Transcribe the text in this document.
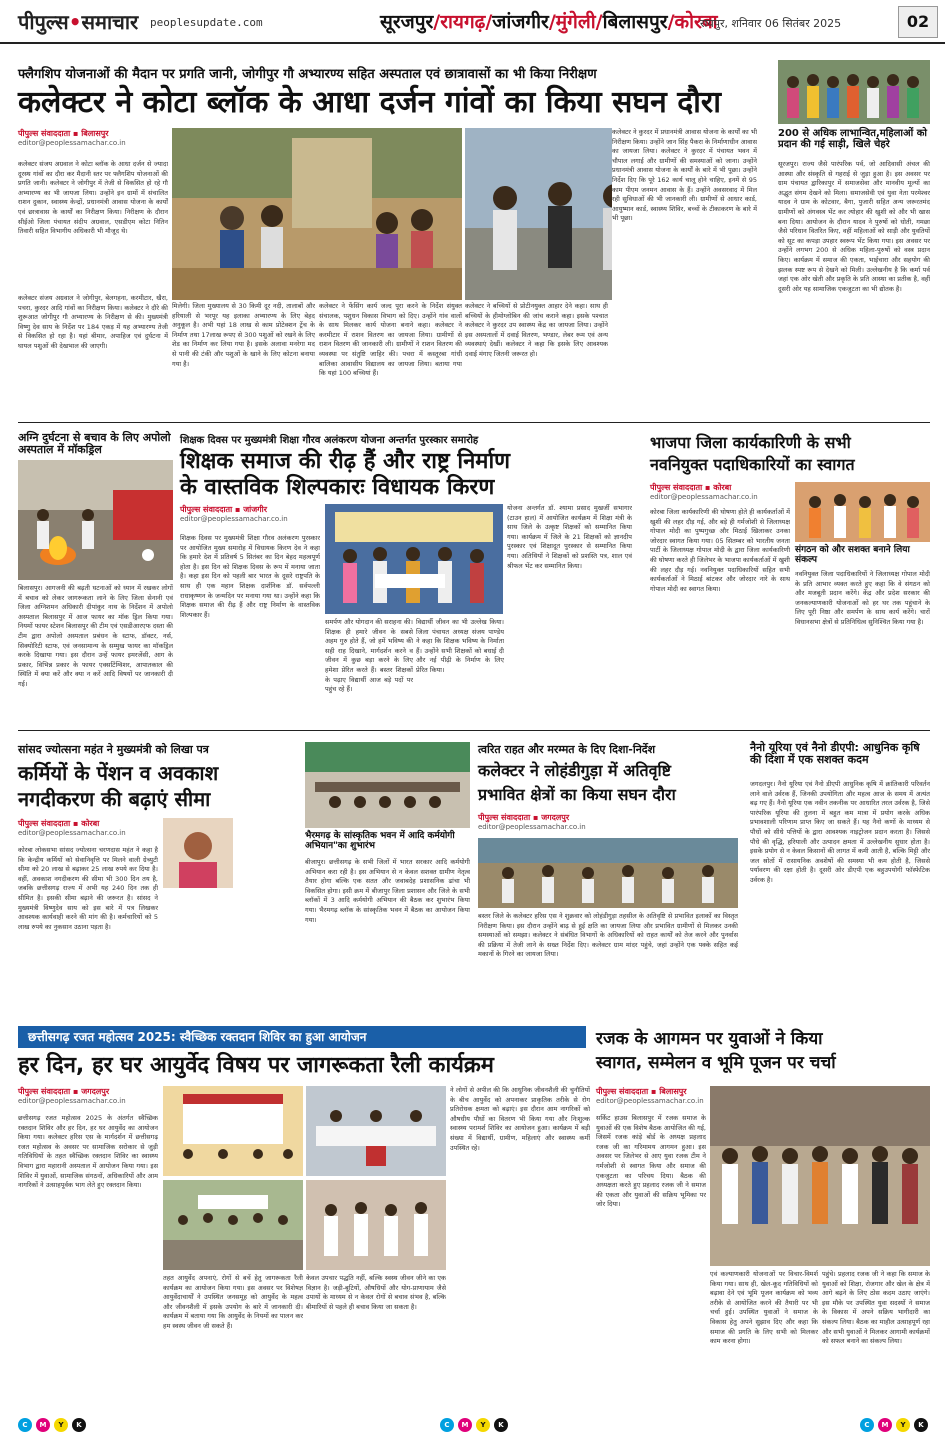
पीपुल्स•समाचार peoplesupdate.com	सूरजपुर/रायगढ़/जांजगीर/मुंगेली/बिलासपुर/कोरबा
रायपुर, शनिवार 06 सितंबर 2025	02
फ्लैगशिप योजनाओं की मैदान पर प्रगति जानी, जोगीपुर गौ अभ्यारण्य सहित अस्पताल एवं छात्रावासों का भी किया निरीक्षण
कलेक्टर ने कोटा ब्लॉक के आधा दर्जन गांवों का किया सघन दौरा
पीपुल्स संवाददाता ▪ बिलासपुर
editor@peoplessamachar.co.in
कलेक्टर संजय अग्रवाल ने कोटा ब्लॉक के आधा दर्जन से ज्यादा दूरस्थ गांवों का दौरा कर मैदानी स्तर पर फ्लैगशिप योजनाओं की प्रगति जानी। कलेक्टर ने जोगीपुर में तेजी से विकसित हो रहे गौ अभ्यारण्य का भी जायजा लिया। उन्होंने इन ग्रामों में संचालित राशन दुकान, स्वास्थ्य केन्द्रों, प्रधानमंत्री आवास योजना के कार्यों एवं छात्रावास के कार्यों का निरीक्षण किया। निरीक्षण के दौरान सीईओ जिला पंचायत संदीप अग्रवाल, एसडीएम कोटा नितिन तिवारी सहित विभागीय अधिकारी भी मौजूद थे।
कलेक्टर संजय अग्रवाल ने जोगीपुर, बेलगहना, करमीटार, खैरा, पचरा, कुरदर आदि गांवों का निरीक्षण किया। कलेक्टर ने दौरे की शुरूआत जोगीपुर गौ अभ्यारण्य के निरीक्षण से की। मुख्यमंत्री विष्णु देव साय के निर्देश पर 184 एकड़ में यह अभ्यारण्य तेजी से विकसित हो रहा है। यहां बीमार, अपाहिज एवं दुर्घटना में घायल पशुओं की देखभाल की जाएगी।
मिलेगी। जिला मुख्यालय से 30 किमी दूर नदी, तालाबों और हरियाली से भरपूर यह इलाका अभ्यारण्य के लिए बेहद अनुकूल है। अभी यहां 18 लाख से काम प्रोटेक्शन ट्रेंच के निर्माण तथा 17लाख रूपए से 300 पशुओं को रखने के लिए शेड का निर्माण कर लिया गया है। इसके अलावा मनरेगा मद से पानी की टंकी और पशुओं के खाने के लिए कोटना बनाया गया है।
कलेक्टर ने फेंसिंग कार्य जल्द पूरा करने के निर्देश संयुक्त संचालक, पशुधन विकास विभाग को दिए। उन्होंने गांव वालों के साथ मिलकर कार्य योजना बनाने कहा। कलेक्टर ने करमीटार में राशन वितरण का जायजा लिया। ग्रामीणों से राशन वितरण की जानकारी ली। ग्रामीणों ने राशन वितरण की व्यवस्था पर संतुष्टि जाहिर की। पचरा में कस्तूरबा गांधी बालिका आवासीय विद्यालय का जायजा लिया। बताया गया कि यहां 100 बच्चियां हैं।
कलेक्टर ने बच्चियों से प्रोटीनयुक्त आहार देने कहा। साथ ही बच्चियों के हीमोग्लोबिन की जांच कराने कहा। इसके पश्चात कलेक्टर ने कुरदर उप स्वास्थ्य केंद्र का जायजा लिया। उन्होंने इस अस्पतालों में दवाई वितरण, भण्डार, लेबर रूम एवं अन्य व्यवस्थाएं देखीं। कलेक्टर ने कहा कि इसके लिए आवश्यक दवाई मंगाए जितनी जरूरत हो।
कलेक्टर ने कुरदर में प्रधानमंत्री आवास योजना के कार्यों का भी निरीक्षण किया। उन्होंने जान सिंह पैकरा के निर्माणाधीन आवास का जायजा लिया। कलेक्टर ने कुरदर में पंचायत भवन में चौपाल लगाई और ग्रामीणों की समस्याओं को जाना। उन्होंने प्रधानमंत्री आवास योजना के कार्यों के बारे में भी पूछा। उन्होंने निर्देश दिए कि पूरे 162 कार्य चालू होने चाहिए, इनमें से 95 काम पीएम जनमन आवास के हैं। उन्होंने अवसरवाद में मिल रही सुविधाओं की भी जानकारी ली। ग्रामीणों से आधार कार्ड, आयुष्मान कार्ड, स्वास्थ्य शिविर, बच्चों के टीकाकरण के बारे में भी पूछा।
200 से अधिक लाभान्वित,महिलाओं को प्रदान की गई साड़ी, खिले चेहरे
सूरजपुर। राज्य जैसे पारंपरिक पर्व, जो आदिवासी अंचल की आस्था और संस्कृति से गहराई से जुड़ा हुआ है। इस अवसर पर ग्राम पंचायत द्वारिकापुर में समाजसेवा और मानवीय मूल्यों का अद्भुत संगम देखने को मिला। समाजसेवी एवं युवा नेता परमेश्वर यादव ने ग्राम के कोटवार, बैगा, पुजारी सहित अन्य जरूरतमंद ग्रामीणों को अंगवस्त्र भेंट कर त्योहार की खुशी को और भी खास बना दिया। आयोजन के दौरान यादव ने पुरुषों को धोती, गमछा जैसे परिधान वितरित किए, वहीं महिलाओं को साड़ी और युवतियों को सूट का कपड़ा उपहार स्वरूप भेंट किया गया। इस अवसर पर उन्होंने लगभग 200 से अधिक महिला-पुरुषों को वस्त्र प्रदान किए। कार्यक्रम में समाज की एकता, भाईचारा और सहयोग की झलक स्पष्ट रूप से देखने को मिली। उल्लेखनीय है कि कर्मा पर्व जहां एक ओर खेती और प्रकृति के प्रति आस्था का प्रतीक है, वहीं दूसरी ओर यह सामाजिक एकजुटता का भी द्योतक है।
अग्नि दुर्घटना से बचाव के लिए अपोलो अस्पताल में मॉकड्रिल
बिलासपुर। आगजनी की बढ़ती घटनाओं को ध्यान में रखकर लोगों में बचाव को लेकर जागरूकता लाने के लिए जिला सेनानी एवं जिला अग्निशमन अधिकारी दीपांकुर नाथ के निर्देशन में अपोलो अस्पताल बिलासपुर में आज फायर का मॉक ड्रिल किया गया। नियमों फायर स्टेशन बिलासपुर की टीम एवं एसडीआरएफ दस्ता की टीम द्वारा अपोलो अस्पताल प्रबंधन के स्टाफ, डॉक्टर, नर्स, सिक्योरिटी स्टाफ, एवं जनसामान्य के सम्मुख फायर का मॉकड्रिल करके दिखाया गया। इस दौरान उन्हें फायर इमरजेंसी, आग के प्रकार, विभिन्न प्रकार के फायर एक्सटिंग्विशर, आपातकाल की स्थिति में क्या करें और क्या न करें आदि विषयों पर जानकारी दी गई।
शिक्षक दिवस पर मुख्यमंत्री शिक्षा गौरव अलंकरण योजना अन्तर्गत पुरस्कार समारोह
शिक्षक समाज की रीढ़ हैं और राष्ट्र निर्माण
के वास्तविक शिल्पकारः विधायक किरण
पीपुल्स संवाददाता ▪ जांजगीर
editor@peoplessamachar.co.in
शिक्षक दिवस पर मुख्यमंत्री शिक्षा गौरव अलंकरण पुरस्कार पर आयोजित मुख्य समारोह में विधायक किरण देव ने कहा कि हमारे देश में प्रतिवर्ष 5 सितंबर का दिन बेहद महत्वपूर्ण होता है। इस दिन को शिक्षक दिवस के रूप में मनाया जाता है। कहा इस दिन को पहली बार भारत के दूसरे राष्ट्रपति के साथ ही एक महान शिक्षक दार्शनिक डॉ. सर्वपल्ली राधाकृष्णन के जन्मदिन पर मनाया गया था। उन्होंने कहा कि शिक्षक समाज की रीढ़ हैं और राष्ट्र निर्माण के वास्तविक शिल्पकार हैं।
समर्पण और योगदान की सराहना की। शिक्षक ही हमारे जीवन के सबसे अहम गुरु होते हैं, जो हमें भविष्य की सही राह दिखाने, मार्गदर्शन करने व जीवन में कुछ बड़ा करने के लिए हमेशा प्रेरित करते हैं। बस्तर शिक्षकों के पढ़ाए विद्यार्थी आज बड़े पदों पर पहुंच रहे हैं।
विद्यार्थी जीवन का भी उल्लेख किया। जिला पंचायत अध्यक्ष संजय पाण्डेय ने कहा कि शिक्षक भविष्य के निर्माता हैं। उन्होंने सभी शिक्षकों को बधाई दी और नई पीढ़ी के निर्माण के लिए प्रेरित किया।
योजना अन्तर्गत डॉ. श्यामा प्रसाद मुखर्जी सभागार (टाउन हाल) में आयोजित कार्यक्रम में शिक्षा मंत्री के साथ जिले के उत्कृष्ट शिक्षकों को सम्मानित किया गया। कार्यक्रम में जिले के 21 शिक्षकों को ज्ञानदीप पुरस्कार एवं शिक्षादूत पुरस्कार से सम्मानित किया गया। अतिथियों ने शिक्षकों को प्रशस्ति पत्र, शाल एवं श्रीफल भेंट कर सम्मानित किया।
भाजपा जिला कार्यकारिणी के सभी
नवनियुक्त पदाधिकारियों का स्वागत
पीपुल्स संवाददाता ▪ कोरबा
editor@peoplessamachar.co.in
कोरबा जिला कार्यकारिणी की घोषणा होते ही कार्यकर्ताओं में खुशी की लहर दौड़ गई, और बड़े ही गर्मजोशी से जिलाध्यक्ष गोपाल मोदी का पुष्पगुच्छ और मिठाई खिलाकर उनका जोरदार स्वागत किया गया। 05 सितम्बर को भारतीय जनता पार्टी के जिलाध्यक्ष गोपाल मोदी के द्वारा जिला कार्यकारिणी की घोषणा करते ही जिलेभर के भाजपा कार्यकर्ताओं में खुशी की लहर दौड़ गई। नवनियुक्त पदाधिकारियों सहित सभी कार्यकर्ताओं ने मिठाई बांटकर और जोरदार नारे के साथ गोपाल मोदी का स्वागत किया।
संगठन को और सशक्त बनाने लिया संकल्प
नवनियुक्त जिला पदाधिकारियों ने जिलाध्यक्ष गोपाल मोदी के प्रति आभार व्यक्त करते हुए कहा कि वे संगठन को और मजबूती प्रदान करेंगे। केंद्र और प्रदेश सरकार की जनकल्याणकारी योजनाओं को हर घर तक पहुंचाने के लिए पूरी निष्ठा और समर्पण के साथ कार्य करेंगे। चारों विधानसभा क्षेत्रों से प्रतिनिधित्व सुनिश्चित किया गया है।
सांसद ज्योत्सना महंत ने मुख्यमंत्री को लिखा पत्र
कर्मियों के पेंशन व अवकाश
नगदीकरण की बढ़ाएं सीमा
पीपुल्स संवाददाता ▪ कोरबा
editor@peoplessamachar.co.in
कोरबा लोकसभा सांसद ज्योत्सना चरणदास महंत ने कहा है कि केन्द्रीय कर्मियों को सेवानिवृत्ति पर मिलने वाली ग्रेच्युटी सीमा को 20 लाख से बढ़ाकर 25 लाख रुपये कर दिया है। वहीं, अवकाश नगदीकरण की सीमा भी 300 दिन तय है, जबकि छत्तीसगढ़ राज्य में अभी यह 240 दिन तक ही सीमित है। इसकी सीमा बढ़ाने की जरूरत है। सांसद ने मुख्यमंत्री विष्णुदेव साय को इस बारे में पत्र लिखकर आवश्यक कार्यवाही करने की मांग की है। कर्मचारियों को 5 लाख रुपये का नुकसान उठाना पड़ता है।
भैरमगढ़ के सांस्कृतिक भवन में आदि कर्मयोगी अभियान"का शुभारंभ
बीजापुर। छत्तीसगढ़ के सभी जिलों में भारत सरकार आदि कर्मयोगी अभियान करा रही है। इस अभियान से न केवल सशक्त ग्रामीण नेतृत्व तैयार होगा बल्कि एक सतत और जवाबदेह प्रशासनिक ढांचा भी विकसित होगा। इसी क्रम में बीजापुर जिला प्रशासन और जिले के सभी ब्लॉकों में 3 आदि कर्मयोगी अभियान की बैठक कर शुभारंभ किया गया। भैरमगढ़ ब्लॉक के सांस्कृतिक भवन में बैठक का आयोजन किया गया।
त्वरित राहत और मरम्मत के दिए दिशा-निर्देश
कलेक्टर ने लोहंडीगुड़ा में अतिवृष्टि
प्रभावित क्षेत्रों का किया सघन दौरा
पीपुल्स संवाददाता ▪ जगदलपुर
editor@peoplessamachar.co.in
बस्तर जिले के कलेक्टर हरिस एस ने शुक्रवार को लोहंडीगुड़ा तहसील के अतिवृष्टि से प्रभावित इलाकों का विस्तृत निरीक्षण किया। इस दौरान उन्होंने बाढ़ से हुई क्षति का जायजा लिया और प्रभावित ग्रामीणों से मिलकर उनकी समस्याओं को समझा। कलेक्टर ने संबंधित विभागों के अधिकारियों को राहत कार्यों को तेज करने और पुनर्वास की प्रक्रिया में तेजी लाने के सख्त निर्देश दिए। कलेक्टर ग्राम मांदर पहुंचे, जहां उन्होंने एक पक्के सहित कई मकानों के गिरने का जायजा लिया।
नैनो यूरिया एवं नैनो डीएपी: आधुनिक कृषि की दिशा में एक सशक्त कदम
जगदलपुर। नैनो यूरिया एवं नैनो डीएपी आधुनिक कृषि में क्रांतिकारी परिवर्तन लाने वाले उर्वरक हैं, जिनकी उपयोगिता और महत्व आज के समय में अत्यंत बढ़ गए हैं। नैनो यूरिया एक नवीन तकनीक पर आधारित तरल उर्वरक है, जिसे पारंपरिक यूरिया की तुलना में बहुत कम मात्रा में प्रयोग करके अधिक प्रभावशाली परिणाम प्राप्त किए जा सकते हैं। यह नैनो कणों के माध्यम से पौधों को सीधे पत्तियों के द्वारा आवश्यक नाइट्रोजन प्रदान करता है। जिससे पौधे की वृद्धि, हरियाली और उत्पादन क्षमता में उल्लेखनीय सुधार होता है। इसके प्रयोग से न केवल किसानों की लागत में कमी आती है, बल्कि मिट्टी और जल स्रोतों में रासायनिक अवशेषों की समस्या भी कम होती है, जिससे पर्यावरण की रक्षा होती है। दूसरी ओर डीएपी एक बहुउपयोगी फॉस्फेटिक उर्वरक है।
छत्तीसगढ़ रजत महोत्सव 2025: स्वैच्छिक रक्तदान शिविर का हुआ आयोजन
हर दिन, हर घर आयुर्वेद विषय पर जागरूकता रैली कार्यक्रम
पीपुल्स संवाददाता ▪ जगदलपुर
editor@peoplessamachar.co.in
छत्तीसगढ़ रजत महोत्सव 2025 के अंतर्गत स्वैच्छिक रक्तदान शिविर और हर दिन, हर घर आयुर्वेद का आयोजन किया गया। कलेक्टर हरिस एस के मार्गदर्शन में छत्तीसगढ़ रजत महोत्सव के अवसर पर सामाजिक सरोकार से जुड़ी गतिविधियों के तहत स्वैच्छिक रक्तदान शिविर का स्वास्थ्य विभाग द्वारा महारानी अस्पताल में आयोजन किया गया। इस शिविर में युवाओं, सामाजिक संगठनों, अधिकारियों और आम नागरिकों ने उत्साहपूर्वक भाग लेते हुए रक्तदान किया।
तहत आयुर्वेद अपनाएं, रोगों से बचें हेतु जागरूकता रैली कार्यक्रम का आयोजन किया गया। इस अवसर पर विशेषज्ञ आयुर्वेदाचार्यों ने उपस्थित जनसमूह को आयुर्वेद के महत्व और जीवनशैली में इसके उपयोग के बारे में जानकारी दी। कार्यक्रम में बताया गया कि आयुर्वेद के नियमों का पालन कर हम स्वस्थ जीवन जी सकते हैं।
केवल उपचार पद्धति नहीं, बल्कि स्वस्थ जीवन जीने का एक विज्ञान है। जड़ी-बूटियों, औषधियों और योग-प्राणायाम जैसे उपायों के माध्यम से न केवल रोगों से बचाव संभव है, बल्कि बीमारियों से पहले ही बचाव किया जा सकता है।
ने लोगों से अपील की कि आधुनिक जीवनशैली की चुनौतियों के बीच आयुर्वेद को अपनाकर प्राकृतिक तरीके से रोग प्रतिरोधक क्षमता को बढ़ाएं। इस दौरान आम नागरिकों को औषधीय पौधों का वितरण भी किया गया और निःशुल्क स्वास्थ्य परामर्श शिविर का आयोजन हुआ। कार्यक्रम में बड़ी संख्या में विद्यार्थी, ग्रामीण, महिलाएं और स्वास्थ्य कर्मी उपस्थित रहे।
रजक के आगमन पर युवाओं ने किया
स्वागत, सम्मेलन व भूमि पूजन पर चर्चा
पीपुल्स संवाददाता ▪ बिलासपुर
editor@peoplessamachar.co.in
सर्किट हाउस बिलासपुर में रजक समाज के युवाओं की एक विशेष बैठक आयोजित की गई, जिसमें रजक कांड़े बोर्ड के अध्यक्ष प्रहलाद रजक जी का गरिमामय आगमन हुआ। इस अवसर पर जिलेभर से आए युवा रजक टीम ने गर्मजोशी से स्वागत किया और समाज की एकजुटता का परिचय दिया। बैठक की अध्यक्षता करते हुए प्रहलाद रजक जी ने समाज की एकता और युवाओं की सक्रिय भूमिका पर जोर दिया।
एवं कल्याणकारी योजनाओं पर विचार-विमर्श किया गया। साथ ही, खेल-कूद गतिविधियों को बढ़ावा देने एवं भूमि पूजन कार्यक्रम को भव्य तरीके से आयोजित करने की तैयारी पर भी चर्चा हुई। उपस्थित युवाओं ने समाज के विकास हेतु अपने सुझाव दिए और कहा कि समाज की प्रगति के लिए सभी को मिलकर काम करना होगा।
पहुंचे। प्रहलाद रजक जी ने कहा कि समाज के युवाओं को शिक्षा, रोजगार और खेल के क्षेत्र में आगे बढ़ने के लिए ठोस कदम उठाए जाएंगे। इस मौके पर उपस्थित युवा सदस्यों ने समाज के विकास में अपने सक्रिय भागीदारी का संकल्प लिया। बैठक का माहौल उत्साहपूर्ण रहा और सभी युवाओं ने मिलकर आगामी कार्यक्रमों को सफल बनाने का संकल्प लिया।
C	M	Y	K	C	M	Y	K	C	M	Y	K
